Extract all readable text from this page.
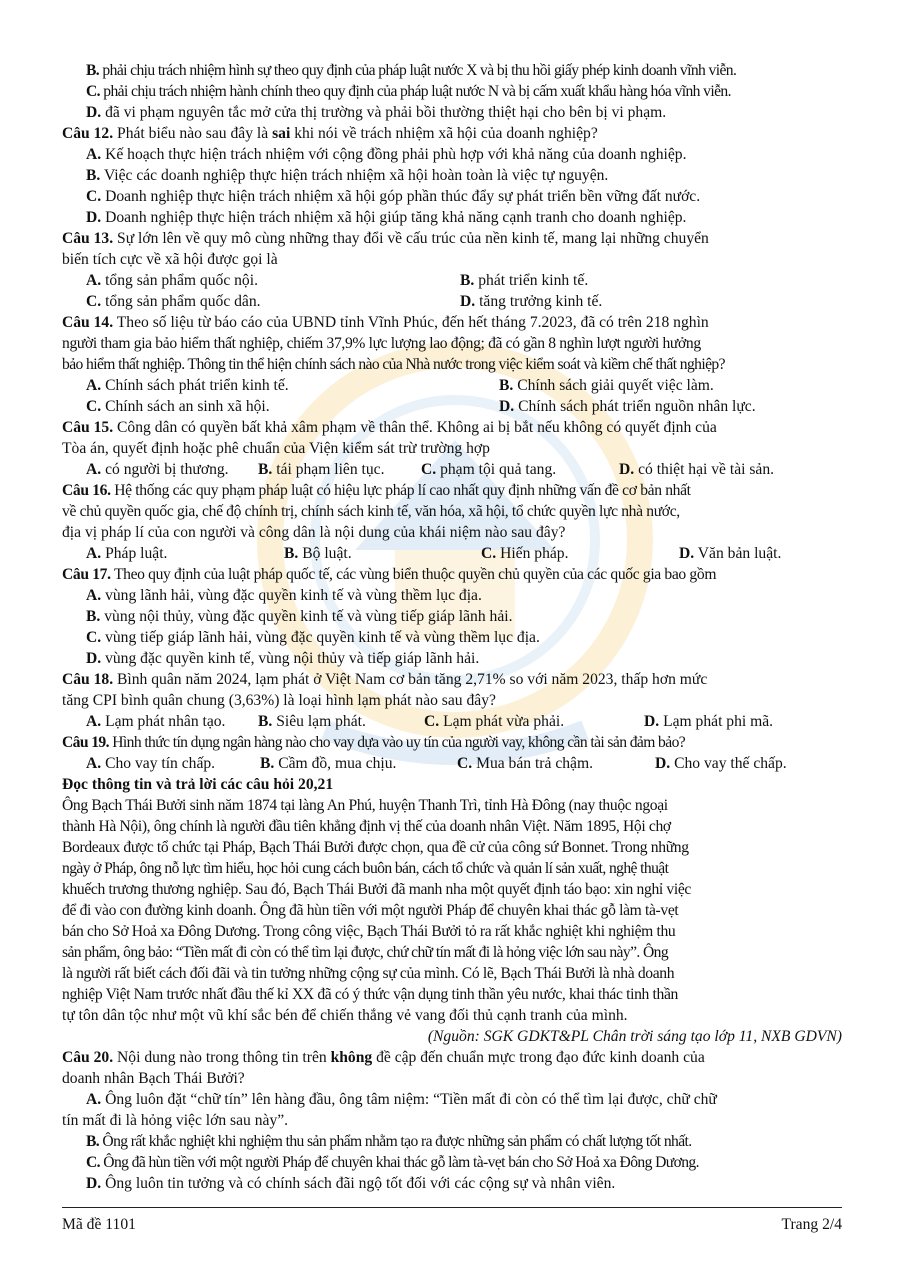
B. phải chịu trách nhiệm hình sự theo quy định của pháp luật nước X và bị thu hồi giấy phép kinh doanh vĩnh viễn.
C. phải chịu trách nhiệm hành chính theo quy định của pháp luật nước N và bị cấm xuất khẩu hàng hóa vĩnh viễn.
D. đã vi phạm nguyên tắc mở cửa thị trường và phải bồi thường thiệt hại cho bên bị vi phạm.
Câu 12. Phát biểu nào sau đây là sai khi nói về trách nhiệm xã hội của doanh nghiệp?
A. Kế hoạch thực hiện trách nhiệm với cộng đồng phải phù hợp với khả năng của doanh nghiệp.
B. Việc các doanh nghiệp thực hiện trách nhiệm xã hội hoàn toàn là việc tự nguyện.
C. Doanh nghiệp thực hiện trách nhiệm xã hội góp phần thúc đẩy sự phát triển bền vững đất nước.
D. Doanh nghiệp thực hiện trách nhiệm xã hội giúp tăng khả năng cạnh tranh cho doanh nghiệp.
Câu 13. Sự lớn lên về quy mô cùng những thay đổi về cấu trúc của nền kinh tế, mang lại những chuyển
biến tích cực về xã hội được gọi là
A. tổng sản phẩm quốc nội.	B. phát triển kinh tế.
C. tổng sản phẩm quốc dân.	D. tăng trưởng kinh tế.
Câu 14. Theo số liệu từ báo cáo của UBND tỉnh Vĩnh Phúc, đến hết tháng 7.2023, đã có trên 218 nghìn
người tham gia bảo hiểm thất nghiệp, chiếm 37,9% lực lượng lao động; đã có gần 8 nghìn lượt người hưởng
bảo hiểm thất nghiệp. Thông tin thể hiện chính sách nào của Nhà nước trong việc kiểm soát và kiềm chế thất nghiệp?
A. Chính sách phát triển kinh tế.	B. Chính sách giải quyết việc làm.
C. Chính sách an sinh xã hội.	D. Chính sách phát triển nguồn nhân lực.
Câu 15. Công dân có quyền bất khả xâm phạm về thân thể. Không ai bị bắt nếu không có quyết định của
Tòa án, quyết định hoặc phê chuẩn của Viện kiểm sát trừ trường hợp
A. có người bị thương.	B. tái phạm liên tục.	C. phạm tội quả tang.	D. có thiệt hại về tài sản.
Câu 16. Hệ thống các quy phạm pháp luật có hiệu lực pháp lí cao nhất quy định những vấn đề cơ bản nhất
về chủ quyền quốc gia, chế độ chính trị, chính sách kinh tế, văn hóa, xã hội, tổ chức quyền lực nhà nước,
địa vị pháp lí của con người và công dân là nội dung của khái niệm nào sau đây?
A. Pháp luật.	B. Bộ luật.	C. Hiến pháp.	D. Văn bản luật.
Câu 17. Theo quy định của luật pháp quốc tế, các vùng biển thuộc quyền chủ quyền của các quốc gia bao gồm
A. vùng lãnh hải, vùng đặc quyền kinh tế và vùng thềm lục địa.
B. vùng nội thủy, vùng đặc quyền kinh tế và vùng tiếp giáp lãnh hải.
C. vùng tiếp giáp lãnh hải, vùng đặc quyền kinh tế và vùng thềm lục địa.
D. vùng đặc quyền kinh tế, vùng nội thủy và tiếp giáp lãnh hải.
Câu 18. Bình quân năm 2024, lạm phát ở Việt Nam cơ bản tăng 2,71% so với năm 2023, thấp hơn mức
tăng CPI bình quân chung (3,63%) là loại hình lạm phát nào sau đây?
A. Lạm phát nhân tạo.	B. Siêu lạm phát.	C. Lạm phát vừa phải.	D. Lạm phát phi mã.
Câu 19. Hình thức tín dụng ngân hàng nào cho vay dựa vào uy tín của người vay, không cần tài sản đảm bảo?
A. Cho vay tín chấp.	B. Cầm đồ, mua chịu.	C. Mua bán trả chậm.	D. Cho vay thế chấp.
Đọc thông tin và trả lời các câu hỏi 20,21
Ông Bạch Thái Bưởi sinh năm 1874 tại làng An Phú, huyện Thanh Trì, tỉnh Hà Đông (nay thuộc ngoại
thành Hà Nội), ông chính là người đầu tiên khẳng định vị thế của doanh nhân Việt. Năm 1895, Hội chợ
Bordeaux được tổ chức tại Pháp, Bạch Thái Bưởi được chọn, qua đề cử của công sứ Bonnet. Trong những
ngày ở Pháp, ông nỗ lực tìm hiểu, học hỏi cung cách buôn bán, cách tổ chức và quản lí sản xuất, nghệ thuật
khuếch trương thương nghiệp. Sau đó, Bạch Thái Bưởi đã manh nha một quyết định táo bạo: xin nghỉ việc
để đi vào con đường kinh doanh. Ông đã hùn tiền với một người Pháp để chuyên khai thác gỗ làm tà-vẹt
bán cho Sở Hoả xa Đông Dương. Trong công việc, Bạch Thái Bưởi tỏ ra rất khắc nghiệt khi nghiệm thu
sản phẩm, ông bảo: “Tiền mất đi còn có thể tìm lại được, chứ chữ tín mất đi là hỏng việc lớn sau này”. Ông
là người rất biết cách đối đãi và tin tưởng những cộng sự của mình. Có lẽ, Bạch Thái Bưởi là nhà doanh
nghiệp Việt Nam trước nhất đầu thế kỉ XX đã có ý thức vận dụng tinh thần yêu nước, khai thác tinh thần
tự tôn dân tộc như một vũ khí sắc bén để chiến thắng vẻ vang đối thủ cạnh tranh của mình.
(Nguồn: SGK GDKT&PL Chân trời sáng tạo lớp 11, NXB GDVN)
Câu 20. Nội dung nào trong thông tin trên không đề cập đến chuẩn mực trong đạo đức kinh doanh của
doanh nhân Bạch Thái Bưởi?
A. Ông luôn đặt “chữ tín” lên hàng đầu, ông tâm niệm: “Tiền mất đi còn có thể tìm lại được, chữ chữ
tín mất đi là hỏng việc lớn sau này”.
B. Ông rất khắc nghiệt khi nghiệm thu sản phẩm nhằm tạo ra được những sản phẩm có chất lượng tốt nhất.
C. Ông đã hùn tiền với một người Pháp để chuyên khai thác gỗ làm tà-vẹt bán cho Sở Hoả xa Đông Dương.
D. Ông luôn tin tưởng và có chính sách đãi ngộ tốt đối với các cộng sự và nhân viên.
Mã đề 1101	Trang 2/4
